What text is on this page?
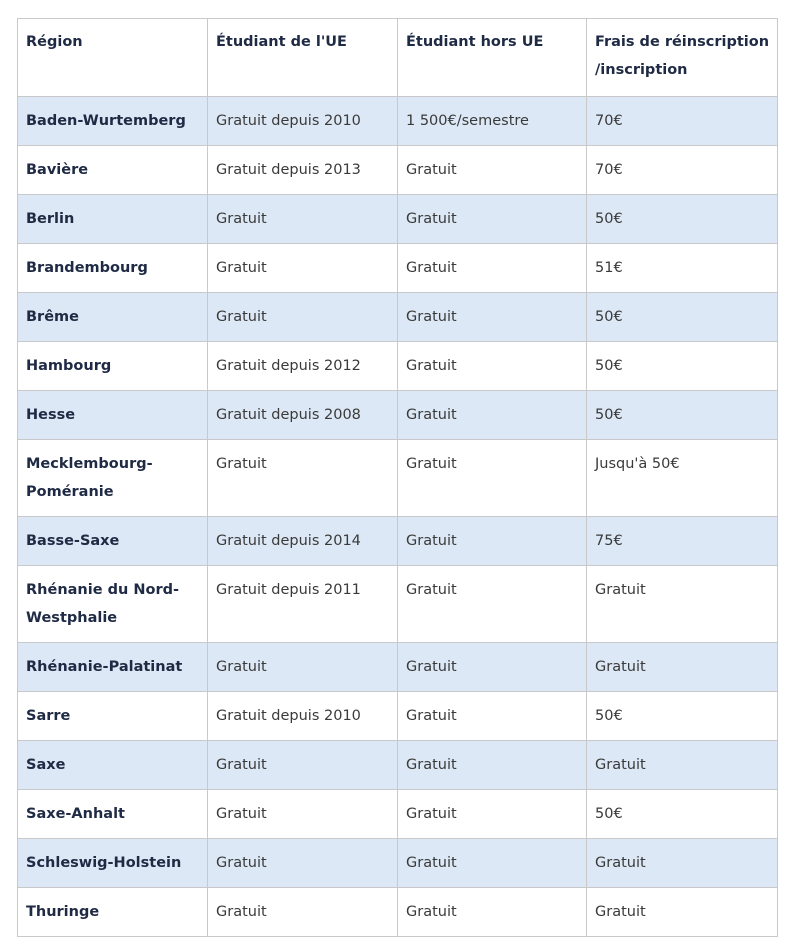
Région	Étudiant de l'UE	Étudiant hors UE	Frais de réinscription /inscription
Baden-Wurtemberg	Gratuit depuis 2010	1 500€/semestre	70€
Bavière	Gratuit depuis 2013	Gratuit	70€
Berlin	Gratuit	Gratuit	50€
Brandembourg	Gratuit	Gratuit	51€
Brême	Gratuit	Gratuit	50€
Hambourg	Gratuit depuis 2012	Gratuit	50€
Hesse	Gratuit depuis 2008	Gratuit	50€
Mecklembourg-Poméranie	Gratuit	Gratuit	Jusqu'à 50€
Basse-Saxe	Gratuit depuis 2014	Gratuit	75€
Rhénanie du Nord-Westphalie	Gratuit depuis 2011	Gratuit	Gratuit
Rhénanie-Palatinat	Gratuit	Gratuit	Gratuit
Sarre	Gratuit depuis 2010	Gratuit	50€
Saxe	Gratuit	Gratuit	Gratuit
Saxe-Anhalt	Gratuit	Gratuit	50€
Schleswig-Holstein	Gratuit	Gratuit	Gratuit
Thuringe	Gratuit	Gratuit	Gratuit
